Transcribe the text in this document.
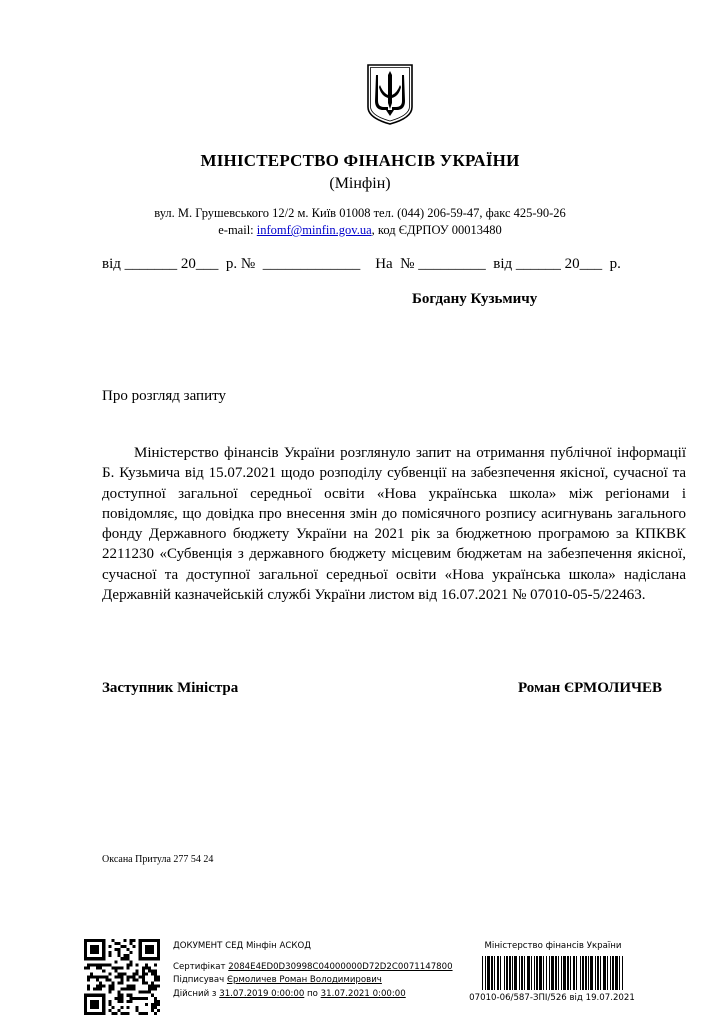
МІНІСТЕРСТВО ФІНАНСІВ УКРАЇНИ
(Мінфін)
вул. М. Грушевського 12/2 м. Київ 01008 тел. (044) 206-59-47, факс 425-90-26
e-mail: infomf@minfin.gov.ua, код ЄДРПОУ 00013480
від _______ 20___  р. №  _____________    На  № _________  від ______ 20___  р.
Богдану Кузьмичу
Про розгляд запиту
Міністерство фінансів України розглянуло запит на отримання публічної інформації Б. Кузьмича від 15.07.2021 щодо розподілу субвенції на забезпечення якісної, сучасної та доступної загальної середньої освіти «Нова українська школа» між регіонами і повідомляє, що довідка про внесення змін до помісячного розпису асигнувань загального фонду Державного бюджету України на 2021 рік за бюджетною програмою за КПКВК 2211230 «Субвенція з державного бюджету місцевим бюджетам на забезпечення якісної, сучасної та доступної загальної середньої освіти «Нова українська школа» надіслана Державній казначейській службі України листом від 16.07.2021 № 07010-05-5/22463.
Заступник Міністра	Роман ЄРМОЛИЧЕВ
Оксана Притула 277 54 24
ДОКУМЕНТ СЕД Мінфін АСКОД
Сертифікат 2084E4ED0D30998C04000000D72D2C0071147800
Підписувач Єрмоличев Роман Володимирович
Дійсний з 31.07.2019 0:00:00 по 31.07.2021 0:00:00
Міністерство фінансів України
07010-06/587-ЗПІ/526 від 19.07.2021
